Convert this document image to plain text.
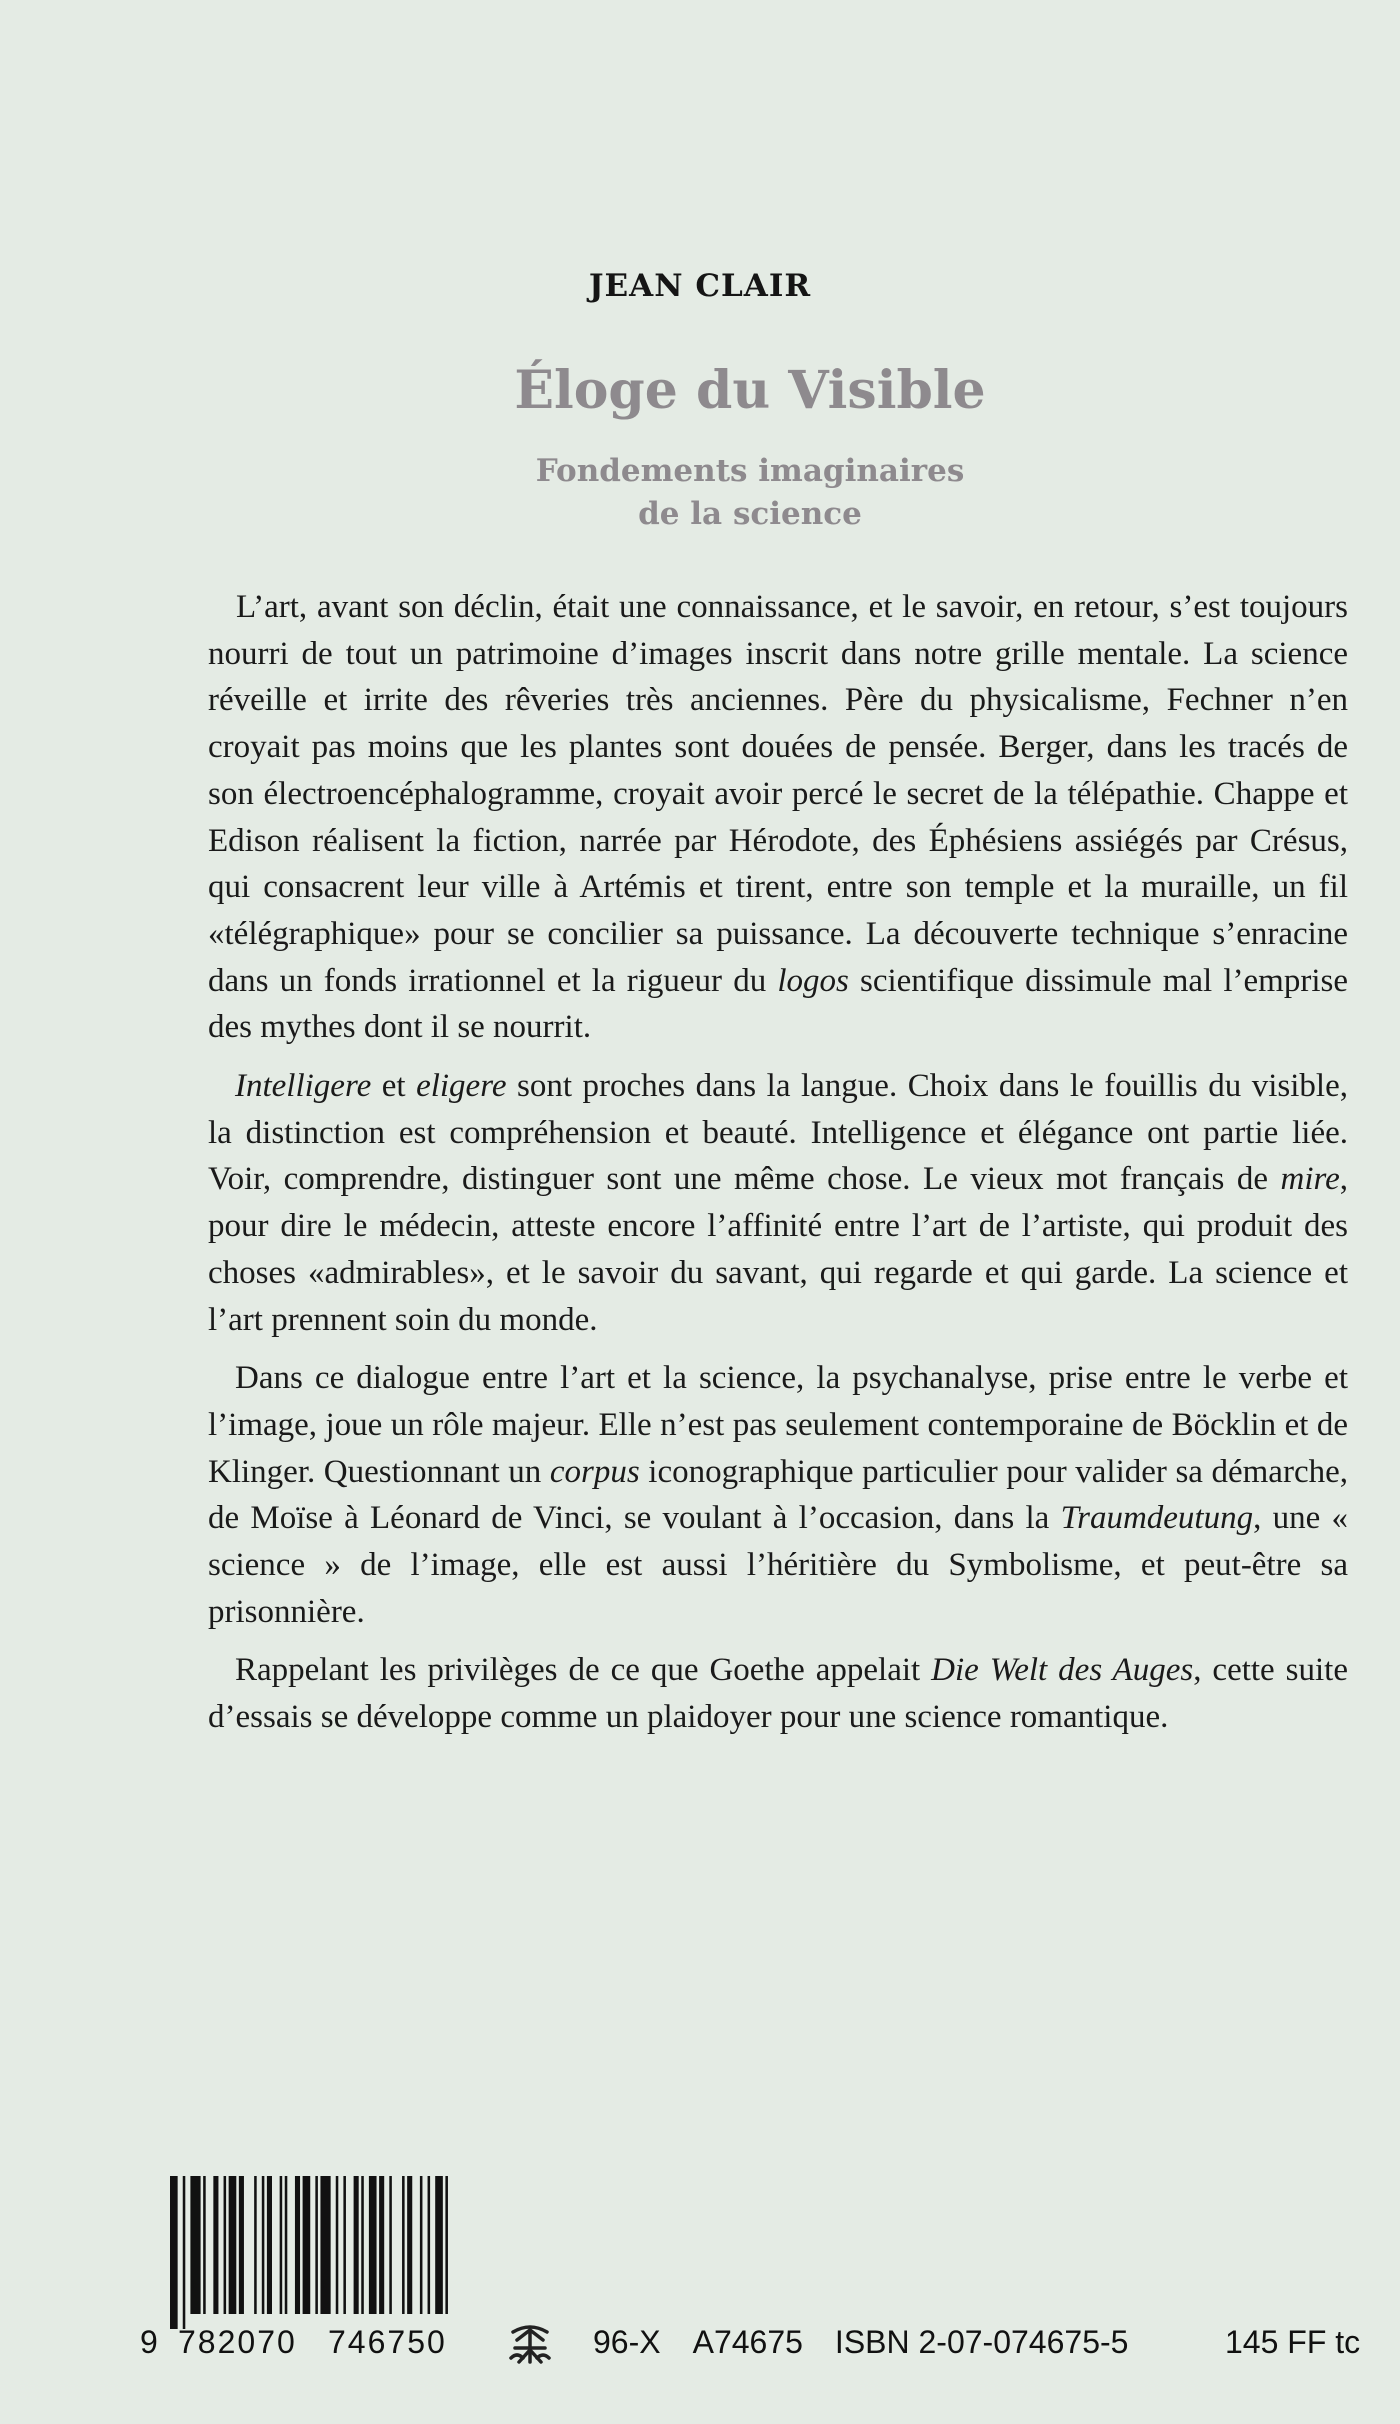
JEAN CLAIR
Éloge du Visible
Fondements imaginaires
de la science

L’art, avant son déclin, était une connaissance, et le savoir, en retour, s’est toujours nourri de tout un patrimoine d’images inscrit dans notre grille mentale. La science réveille et irrite des rêveries très anciennes. Père du physicalisme, Fechner n’en croyait pas moins que les plantes sont douées de pensée. Berger, dans les tracés de son électroencéphalogramme, croyait avoir percé le secret de la télépathie. Chappe et Edison réalisent la fiction, narrée par Hérodote, des Éphésiens assiégés par Crésus, qui consacrent leur ville à Artémis et tirent, entre son temple et la muraille, un fil «télégraphique» pour se concilier sa puissance. La découverte technique s’enracine dans un fonds irrationnel et la rigueur du logos scientifique dissimule mal l’emprise des mythes dont il se nourrit.

Intelligere et eligere sont proches dans la langue. Choix dans le fouillis du visible, la distinction est compréhension et beauté. Intelligence et élégance ont partie liée. Voir, comprendre, distinguer sont une même chose. Le vieux mot français de mire, pour dire le médecin, atteste encore l’affinité entre l’art de l’artiste, qui produit des choses «admirables», et le savoir du savant, qui regarde et qui garde. La science et l’art prennent soin du monde.

Dans ce dialogue entre l’art et la science, la psychanalyse, prise entre le verbe et l’image, joue un rôle majeur. Elle n’est pas seulement contemporaine de Böcklin et de Klinger. Questionnant un corpus iconographique particulier pour valider sa démarche, de Moïse à Léonard de Vinci, se voulant à l’occasion, dans la Traumdeutung, une « science » de l’image, elle est aussi l’héritière du Symbolisme, et peut-être sa prisonnière.

Rappelant les privilèges de ce que Goethe appelait Die Welt des Auges, cette suite d’essais se développe comme un plaidoyer pour une science romantique.

9 782070 746750	96-X A74675 ISBN 2-07-074675-5	145 FF tc
